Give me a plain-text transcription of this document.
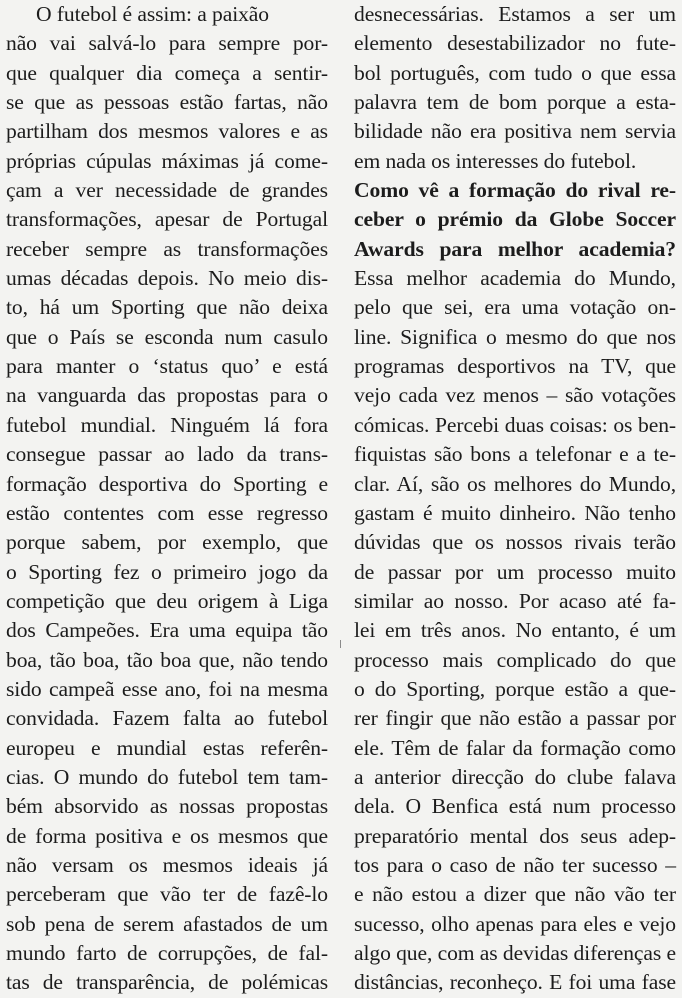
O futebol é assim: a paixão
não vai salvá-lo para sempre por-
que qualquer dia começa a sentir-
se que as pessoas estão fartas, não
partilham dos mesmos valores e as
próprias cúpulas máximas já come-
çam a ver necessidade de grandes
transformações, apesar de Portugal
receber sempre as transformações
umas décadas depois. No meio dis-
to, há um Sporting que não deixa
que o País se esconda num casulo
para manter o ‘status quo’ e está
na vanguarda das propostas para o
futebol mundial. Ninguém lá fora
consegue passar ao lado da trans-
formação desportiva do Sporting e
estão contentes com esse regresso
porque sabem, por exemplo, que
o Sporting fez o primeiro jogo da
competição que deu origem à Liga
dos Campeões. Era uma equipa tão
boa, tão boa, tão boa que, não tendo
sido campeã esse ano, foi na mesma
convidada. Fazem falta ao futebol
europeu e mundial estas referên-
cias. O mundo do futebol tem tam-
bém absorvido as nossas propostas
de forma positiva e os mesmos que
não versam os mesmos ideais já
perceberam que vão ter de fazê-lo
sob pena de serem afastados de um
mundo farto de corrupções, de fal-
tas de transparência, de polémicas
desnecessárias. Estamos a ser um
elemento desestabilizador no fute-
bol português, com tudo o que essa
palavra tem de bom porque a esta-
bilidade não era positiva nem servia
em nada os interesses do futebol.
Como vê a formação do rival re-
ceber o prémio da Globe Soccer
Awards para melhor academia?
Essa melhor academia do Mundo,
pelo que sei, era uma votação on-
line. Significa o mesmo do que nos
programas desportivos na TV, que
vejo cada vez menos – são votações
cómicas. Percebi duas coisas: os ben-
fiquistas são bons a telefonar e a te-
clar. Aí, são os melhores do Mundo,
gastam é muito dinheiro. Não tenho
dúvidas que os nossos rivais terão
de passar por um processo muito
similar ao nosso. Por acaso até fa-
lei em três anos. No entanto, é um
processo mais complicado do que
o do Sporting, porque estão a que-
rer fingir que não estão a passar por
ele. Têm de falar da formação como
a anterior direcção do clube falava
dela. O Benfica está num processo
preparatório mental dos seus adep-
tos para o caso de não ter sucesso –
e não estou a dizer que não vão ter
sucesso, olho apenas para eles e vejo
algo que, com as devidas diferenças e
distâncias, reconheço. E foi uma fase
